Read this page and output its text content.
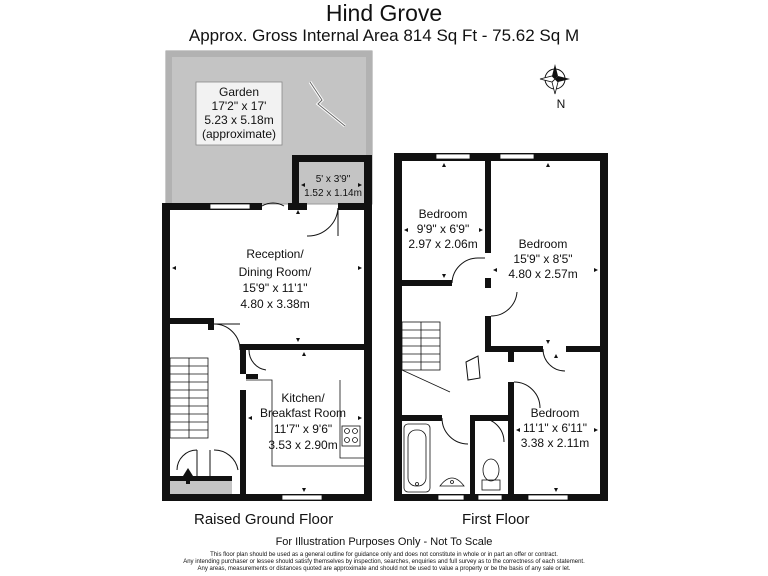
Hind Grove
Approx. Gross Internal Area 814 Sq Ft - 75.62 Sq M
N
Garden
17'2" x 17'
5.23 x 5.18m
(approximate)
5' x 3'9"
1.52 x 1.14m
Reception/
Dining Room/
15'9" x 11'1"
4.80 x 3.38m
Kitchen/
Breakfast Room
11'7" x 9'6"
3.53 x 2.90m
Bedroom
9'9" x 6'9"
2.97 x 2.06m	Bedroom
15'9" x 8'5"
4.80 x 2.57m
Bedroom
11'1" x 6'11"
3.38 x 2.11m
Raised Ground Floor	First Floor
For Illustration Purposes Only - Not To Scale
This floor plan should be used as a general outline for guidance only and does not constitute in whole or in part an offer or contract.
Any intending purchaser or lessee should satisfy themselves by inspection, searches, enquiries and full survey as to the correctness of each statement.
Any areas, measurements or distances quoted are approximate and should not be used to value a property or be the basis of any sale or let.
